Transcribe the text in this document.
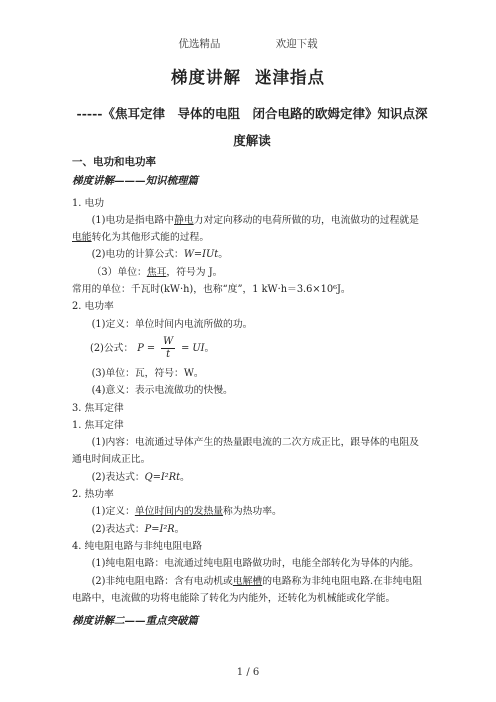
优选精品	欢迎下载
梯度讲解 迷津指点
-----《焦耳定律　导体的电阻　闭合电路的欧姆定律》知识点深度解读

一、电功和电功率

梯度讲解———知识梳理篇

1. 电功

(1)电功是指电路中静电力对定向移动的电荷所做的功，电流做功的过程就是电能转化为其他形式能的过程。

(2)电功的计算公式：W=IUt。

（3）单位：焦耳，符号为 J。

常用的单位：千瓦时(kW·h)，也称“度”，1 kW·h＝3.6×10⁶J。

2. 电功率

(1)定义：单位时间内电流所做的功。

(2)公式： $P = \frac{W}{t}$ = UI 。

(3)单位：瓦，符号：W。

(4)意义：表示电流做功的快慢。

3. 焦耳定律

1. 焦耳定律

(1)内容：电流通过导体产生的热量跟电流的二次方成正比，跟导体的电阻及通电时间成正比。

(2)表达式：Q=I²Rt。

2. 热功率

(1)定义：单位时间内的发热量称为热功率。

(2)表达式：P=I²R。

4. 纯电阻电路与非纯电阻电路

(1)纯电阻电路：电流通过纯电阻电路做功时，电能全部转化为导体的内能。

(2)非纯电阻电路：含有电动机或电解槽的电路称为非纯电阻电路.在非纯电阻电路中，电流做的功将电能除了转化为内能外，还转化为机械能或化学能。

梯度讲解二——重点突破篇

1 / 6
